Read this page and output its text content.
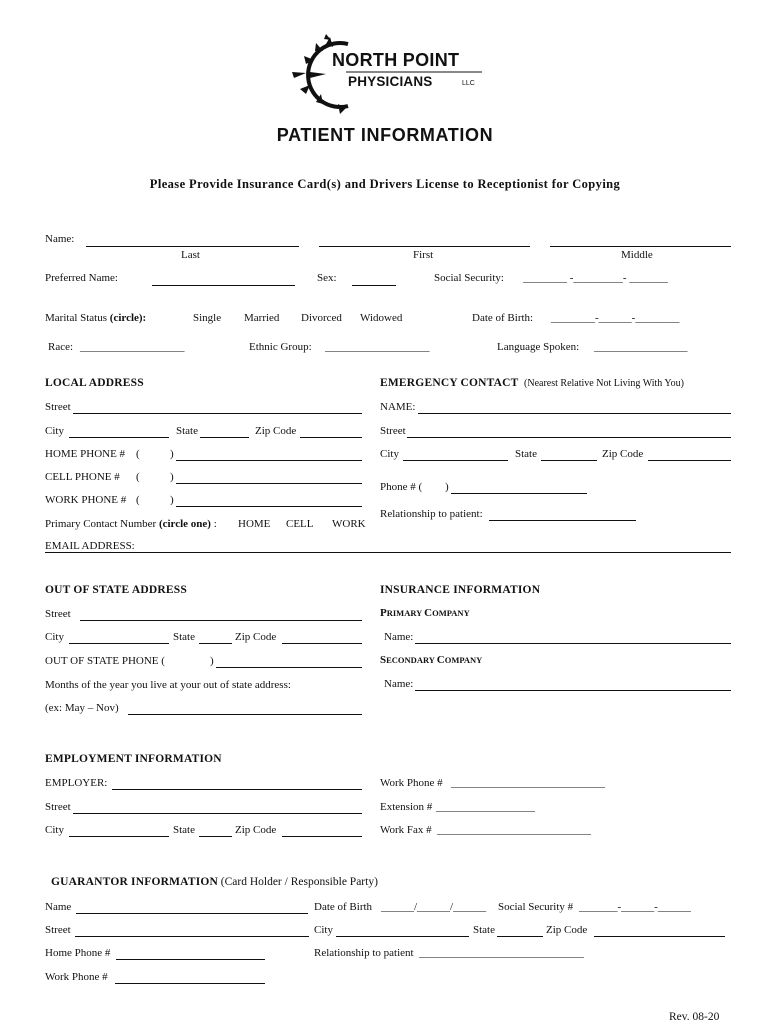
NORTH POINT
PHYSICIANS	LLC
PATIENT INFORMATION
Please Provide Insurance Card(s) and Drivers License to Receptionist for Copying
Name:
Last	First	Middle
Preferred Name:	Sex:	Social Security: ________ -_________- _______
Marital Status (circle):	Single Married Divorced Widowed	Date of Birth: ________-______-________
Race: ___________________	Ethnic Group: ___________________	Language Spoken: _________________
LOCAL ADDRESS
Street
City	State	Zip Code
HOME PHONE # (	)
CELL PHONE # (	)
WORK PHONE # (	)
Primary Contact Number (circle one) : HOME CELL WORK
EMAIL ADDRESS:
EMERGENCY CONTACT (Nearest Relative Not Living With You)
NAME:
Street
City	State	Zip Code
Phone # ( )
Relationship to patient:
OUT OF STATE ADDRESS
Street
City	State	Zip Code
OUT OF STATE PHONE (	)
Months of the year you live at your out of state address:
(ex: May – Nov)
INSURANCE INFORMATION
PRIMARY COMPANY
Name:
SECONDARY COMPANY
Name:
EMPLOYMENT INFORMATION
EMPLOYER:
Street
City	State	Zip Code
Work Phone # ____________________________
Extension # __________________
Work Fax # ____________________________
GUARANTOR INFORMATION (Card Holder / Responsible Party)
Name	Date of Birth ______/______/______ Social Security # _______-______-______
Street	City	State	Zip Code
Home Phone #	Relationship to patient ______________________________
Work Phone #
Rev. 08-20
